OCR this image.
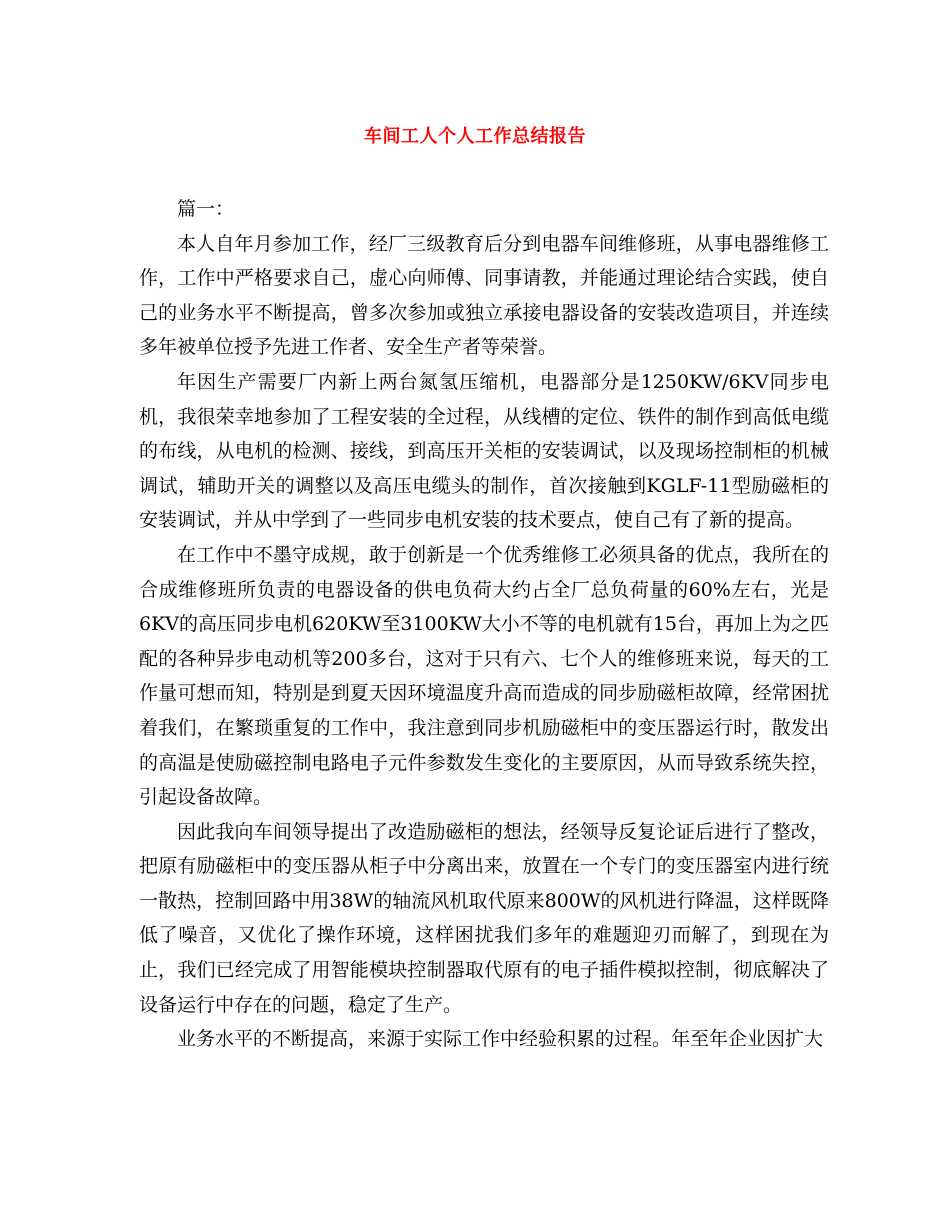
车间工人个人工作总结报告

篇一：

本人自年月参加工作，经厂三级教育后分到电器车间维修班，从事电器维修工作，工作中严格要求自己，虚心向师傅、同事请教，并能通过理论结合实践，使自己的业务水平不断提高，曾多次参加或独立承接电器设备的安装改造项目，并连续多年被单位授予先进工作者、安全生产者等荣誉。

年因生产需要厂内新上两台氮氢压缩机，电器部分是1250KW/6KV同步电机，我很荣幸地参加了工程安装的全过程，从线槽的定位、铁件的制作到高低电缆的布线，从电机的检测、接线，到高压开关柜的安装调试，以及现场控制柜的机械调试，辅助开关的调整以及高压电缆头的制作，首次接触到KGLF-11型励磁柜的安装调试，并从中学到了一些同步电机安装的技术要点，使自己有了新的提高。

在工作中不墨守成规，敢于创新是一个优秀维修工必须具备的优点，我所在的合成维修班所负责的电器设备的供电负荷大约占全厂总负荷量的60%左右，光是6KV的高压同步电机620KW至3100KW大小不等的电机就有15台，再加上为之匹配的各种异步电动机等200多台，这对于只有六、七个人的维修班来说，每天的工作量可想而知，特别是到夏天因环境温度升高而造成的同步励磁柜故障，经常困扰着我们，在繁琐重复的工作中，我注意到同步机励磁柜中的变压器运行时，散发出的高温是使励磁控制电路电子元件参数发生变化的主要原因，从而导致系统失控，引起设备故障。

因此我向车间领导提出了改造励磁柜的想法，经领导反复论证后进行了整改，把原有励磁柜中的变压器从柜子中分离出来，放置在一个专门的变压器室内进行统一散热，控制回路中用38W的轴流风机取代原来800W的风机进行降温，这样既降低了噪音，又优化了操作环境，这样困扰我们多年的难题迎刃而解了，到现在为止，我们已经完成了用智能模块控制器取代原有的电子插件模拟控制，彻底解决了设备运行中存在的问题，稳定了生产。

业务水平的不断提高，来源于实际工作中经验积累的过程。年至年企业因扩大
